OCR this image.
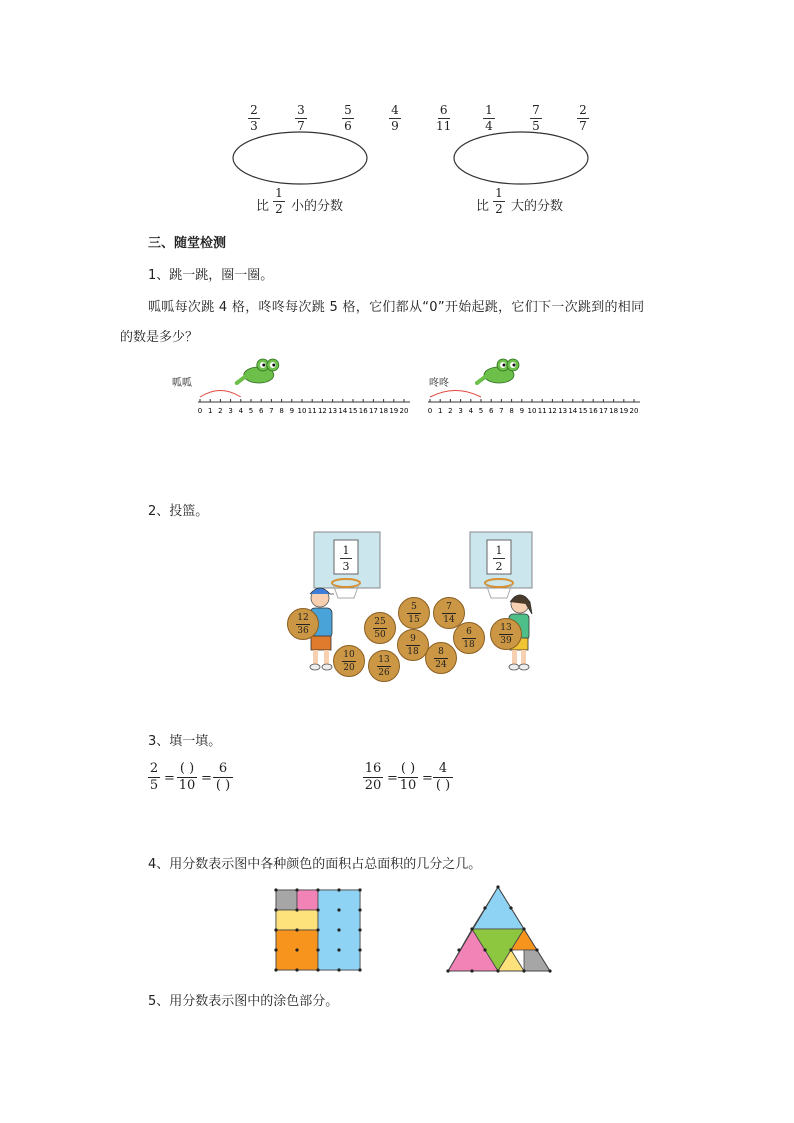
2
3
3
7
5
6
4
9
6
11
1
4
7
5
2
7
比
1
2 小的分数	比
1
2 大的分数
三、随堂检测
1、跳一跳，圈一圈。
呱呱每次跳 4 格，咚咚每次跳 5 格，它们都从“0”开始起跳，它们下一次跳到的相同
的数是多少？
呱呱	咚咚
0 1 2 3 4 5 6 7 8 9 10 11 12 13 14 15 16 17 18 19 20	0 1 2 3 4 5 6 7 8 9 10 11 12 13 14 15 16 17 18 19 20
2、投篮。
1
3
1
2
12
36
25
50
5
15
7
14
9
18
6
18
10
20
13
26
8
24
13
39
3、填一填。
2
5 =
( )
10 =
6
( )
16
20 =
( )
10 =
4
( )
4、用分数表示图中各种颜色的面积占总面积的几分之几。
5、用分数表示图中的涂色部分。
